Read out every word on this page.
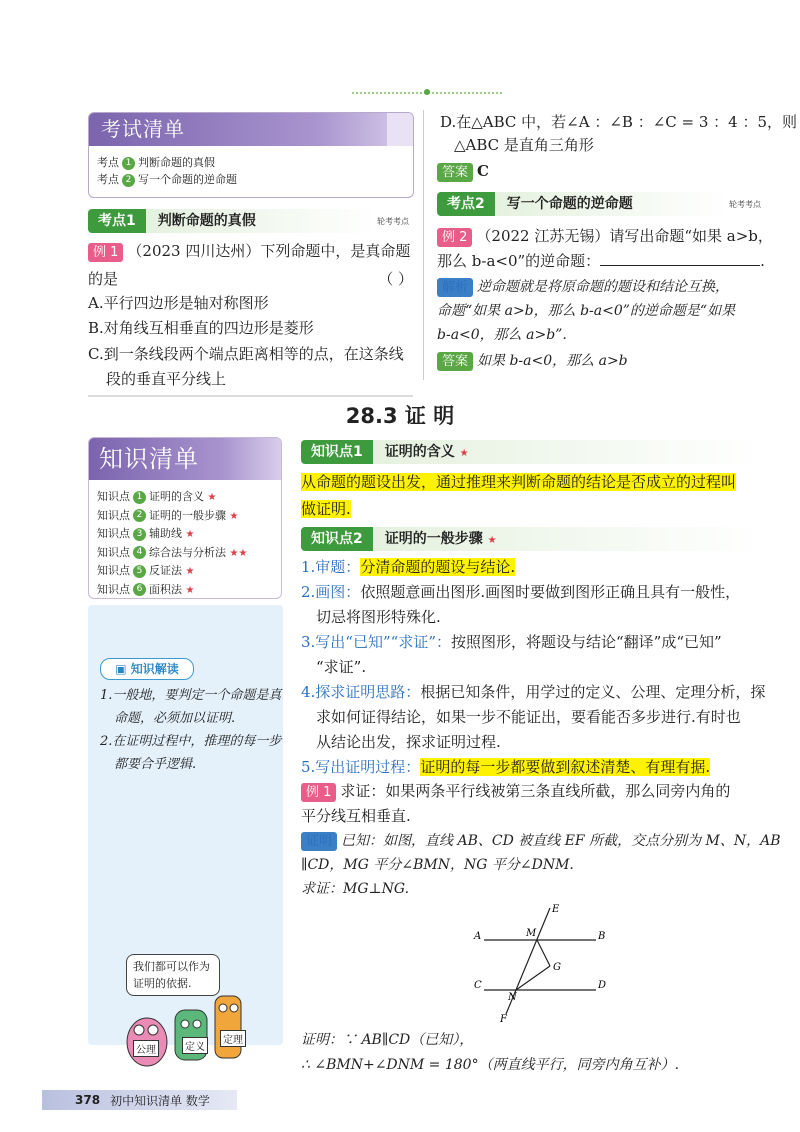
考试清单
考点 1 判断命题的真假
考点 2 写一个命题的逆命题
考点1	判断命题的真假	轮考考点
例 1 （2023 四川达州）下列命题中，是真命题
的是	（ ）
A.平行四边形是轴对称图形
B.对角线互相垂直的四边形是菱形
C.到一条线段两个端点距离相等的点，在这条线
段的垂直平分线上
D.在△ABC 中，若∠A ：∠B ：∠C = 3 ：4 ：5，则
△ABC 是直角三角形
答案 C
考点2	写一个命题的逆命题	轮考考点
例 2 （2022 江苏无锡）请写出命题“如果 a>b，
那么 b-a<0”的逆命题：	.
解析 逆命题就是将原命题的题设和结论互换，
命题“如果 a>b，那么 b-a<0”的逆命题是“如果
b-a<0，那么 a>b”.
答案 如果 b-a<0，那么 a>b
28.3 证 明
知识清单
知识点 1 证明的含义 ★
知识点 2 证明的一般步骤 ★
知识点 3 辅助线 ★
知识点 4 综合法与分析法 ★★
知识点 5 反证法 ★
知识点 6 面积法 ★
▣ 知识解读
1.一般地，要判定一个命题是真
命题，必须加以证明.
2.在证明过程中，推理的每一步
都要合乎逻辑.
我们都可以作为
证明的依据.
公理	定义
定理
知识点1	证明的含义 ★
从命题的题设出发，通过推理来判断命题的结论是否成立的过程叫
做证明.
知识点2	证明的一般步骤 ★
1.审题：分清命题的题设与结论.
2.画图：依照题意画出图形.画图时要做到图形正确且具有一般性，
切忌将图形特殊化.
3.写出“已知”“求证”：按照图形，将题设与结论“翻译”成“已知”
“求证”.
4.探求证明思路：根据已知条件，用学过的定义、公理、定理分析，探
求如何证得结论，如果一步不能证出，要看能否多步进行.有时也
从结论出发，探求证明过程.
5.写出证明过程：证明的每一步都要做到叙述清楚、有理有据.
例 1 求证：如果两条平行线被第三条直线所截，那么同旁内角的
平分线互相垂直.
证明 已知：如图，直线 AB、CD 被直线 EF 所截，交点分别为 M、N，AB
∥CD，MG 平分∠BMN，NG 平分∠DNM.
求证：MG⊥NG.
A	B
C	D
E
F
G
M
N
证明：∵ AB∥CD（已知），
∴ ∠BMN+∠DNM = 180°（两直线平行，同旁内角互补）.
378 初中知识清单 数学
